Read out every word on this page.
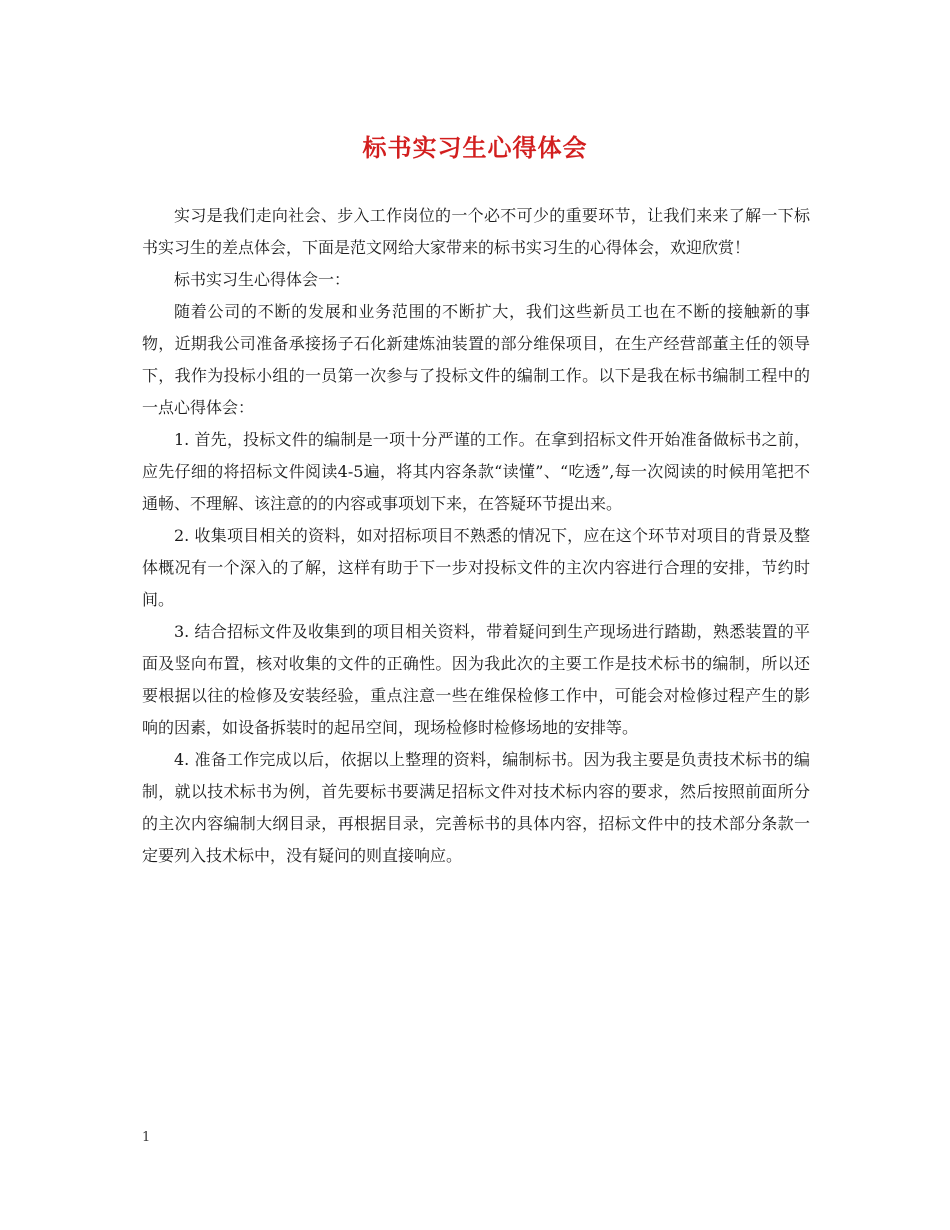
标书实习生心得体会

实习是我们走向社会、步入工作岗位的一个必不可少的重要环节，让我们来来了解一下标书实习生的差点体会，下面是范文网给大家带来的标书实习生的心得体会，欢迎欣赏！

标书实习生心得体会一：

随着公司的不断的发展和业务范围的不断扩大，我们这些新员工也在不断的接触新的事物，近期我公司准备承接扬子石化新建炼油装置的部分维保项目，在生产经营部董主任的领导下，我作为投标小组的一员第一次参与了投标文件的编制工作。以下是我在标书编制工程中的一点心得体会：

1. 首先，投标文件的编制是一项十分严谨的工作。在拿到招标文件开始准备做标书之前，应先仔细的将招标文件阅读4-5遍，将其内容条款“读懂”、“吃透”,每一次阅读的时候用笔把不通畅、不理解、该注意的的内容或事项划下来，在答疑环节提出来。

2. 收集项目相关的资料，如对招标项目不熟悉的情况下，应在这个环节对项目的背景及整体概况有一个深入的了解，这样有助于下一步对投标文件的主次内容进行合理的安排，节约时间。

3. 结合招标文件及收集到的项目相关资料，带着疑问到生产现场进行踏勘，熟悉装置的平面及竖向布置，核对收集的文件的正确性。因为我此次的主要工作是技术标书的编制，所以还要根据以往的检修及安装经验，重点注意一些在维保检修工作中，可能会对检修过程产生的影响的因素，如设备拆装时的起吊空间，现场检修时检修场地的安排等。

4. 准备工作完成以后，依据以上整理的资料，编制标书。因为我主要是负责技术标书的编制，就以技术标书为例，首先要标书要满足招标文件对技术标内容的要求，然后按照前面所分的主次内容编制大纲目录，再根据目录，完善标书的具体内容，招标文件中的技术部分条款一定要列入技术标中，没有疑问的则直接响应。

1
